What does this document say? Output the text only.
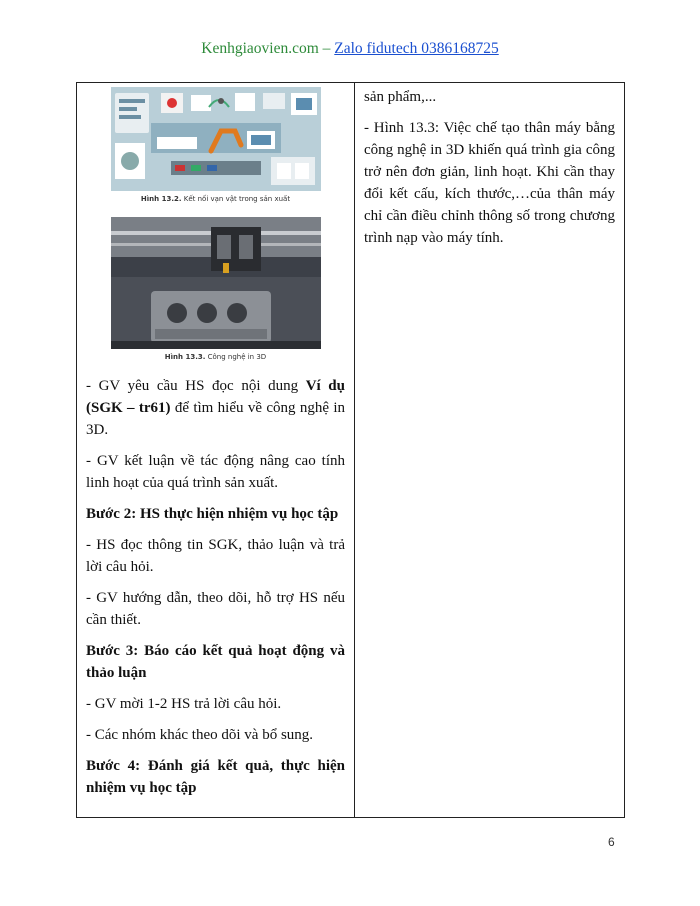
Kenhgiaovien.com – Zalo fidutech 0386168725
Hình 13.2. Kết nối vạn vật trong sản xuất
Hình 13.3. Công nghệ in 3D

- GV yêu cầu HS đọc nội dung Ví dụ (SGK – tr61) để tìm hiểu về công nghệ in 3D.

- GV kết luận về tác động nâng cao tính linh hoạt của quá trình sản xuất.

Bước 2: HS thực hiện nhiệm vụ học tập

- HS đọc thông tin SGK, thảo luận và trả lời câu hỏi.

- GV hướng dẫn, theo dõi, hỗ trợ HS nếu cần thiết.

Bước 3: Báo cáo kết quả hoạt động và thảo luận

- GV mời 1-2 HS trả lời câu hỏi.

- Các nhóm khác theo dõi và bổ sung.

Bước 4: Đánh giá kết quả, thực hiện nhiệm vụ học tập

sản phẩm,...

- Hình 13.3: Việc chế tạo thân máy bằng công nghệ in 3D khiến quá trình gia công trở nên đơn giản, linh hoạt. Khi cần thay đổi kết cấu, kích thước,…của thân máy chỉ cần điều chỉnh thông số trong chương trình nạp vào máy tính.

6
